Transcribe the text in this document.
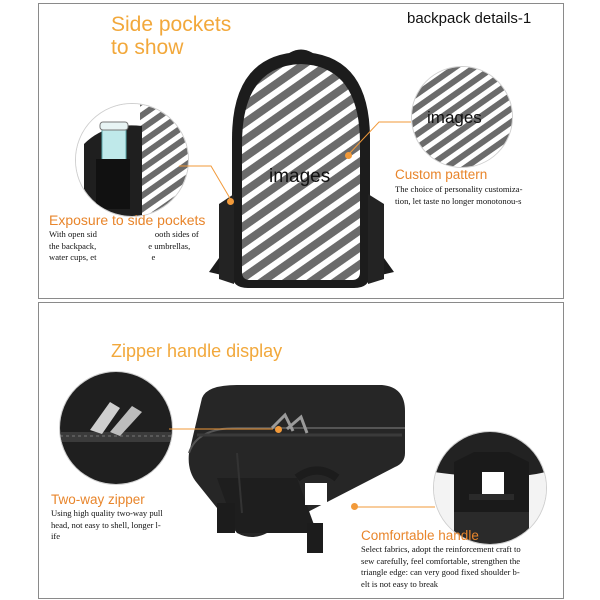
Side pockets
to show
backpack details-1
images
Exposure to side pockets
With open sid	ooth sides of
the backpack,	e umbrellas,
water cups, et	e
images
Custom pattern
The choice of personality customiza-
tion, let taste no longer monotonou-s
Zipper handle display
Two-way zipper
Using high quality two-way pull
head, not easy to shell, longer l-
ife	Comfortable handle
Select fabrics, adopt the reinforcement craft to
sew carefully, feel comfortable, strengthen the
triangle edge: can very good fixed shoulder b-
elt is not easy to break
